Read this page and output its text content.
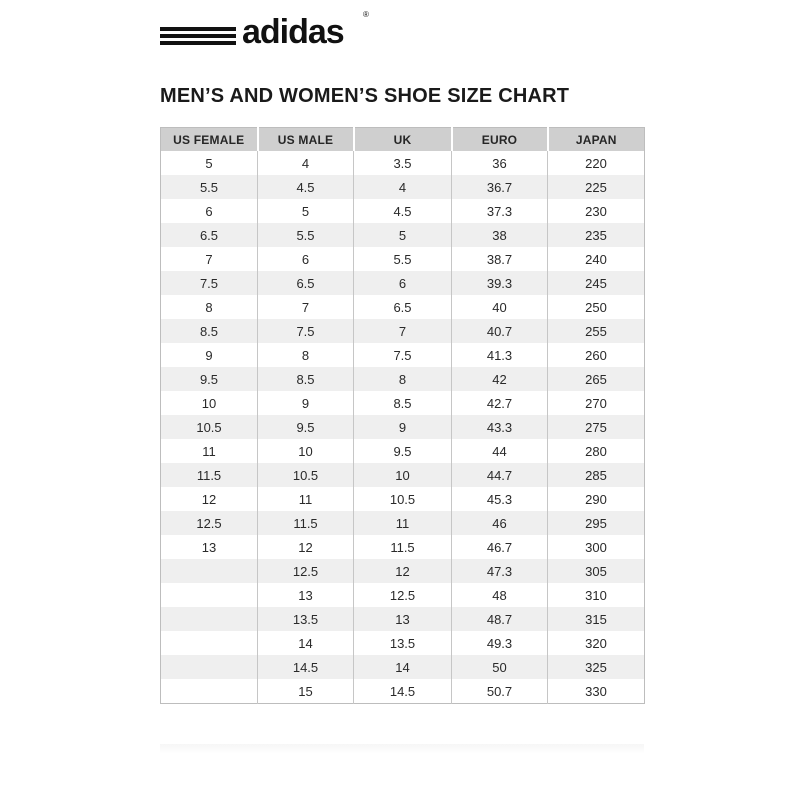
adidas ®
MEN’S AND WOMEN’S SHOE SIZE CHART
US FEMALE	US MALE	UK	EURO	JAPAN
5	4	3.5	36	220
5.5	4.5	4	36.7	225
6	5	4.5	37.3	230
6.5	5.5	5	38	235
7	6	5.5	38.7	240
7.5	6.5	6	39.3	245
8	7	6.5	40	250
8.5	7.5	7	40.7	255
9	8	7.5	41.3	260
9.5	8.5	8	42	265
10	9	8.5	42.7	270
10.5	9.5	9	43.3	275
11	10	9.5	44	280
11.5	10.5	10	44.7	285
12	11	10.5	45.3	290
12.5	11.5	11	46	295
13	12	11.5	46.7	300
	12.5	12	47.3	305
	13	12.5	48	310
	13.5	13	48.7	315
	14	13.5	49.3	320
	14.5	14	50	325
	15	14.5	50.7	330
